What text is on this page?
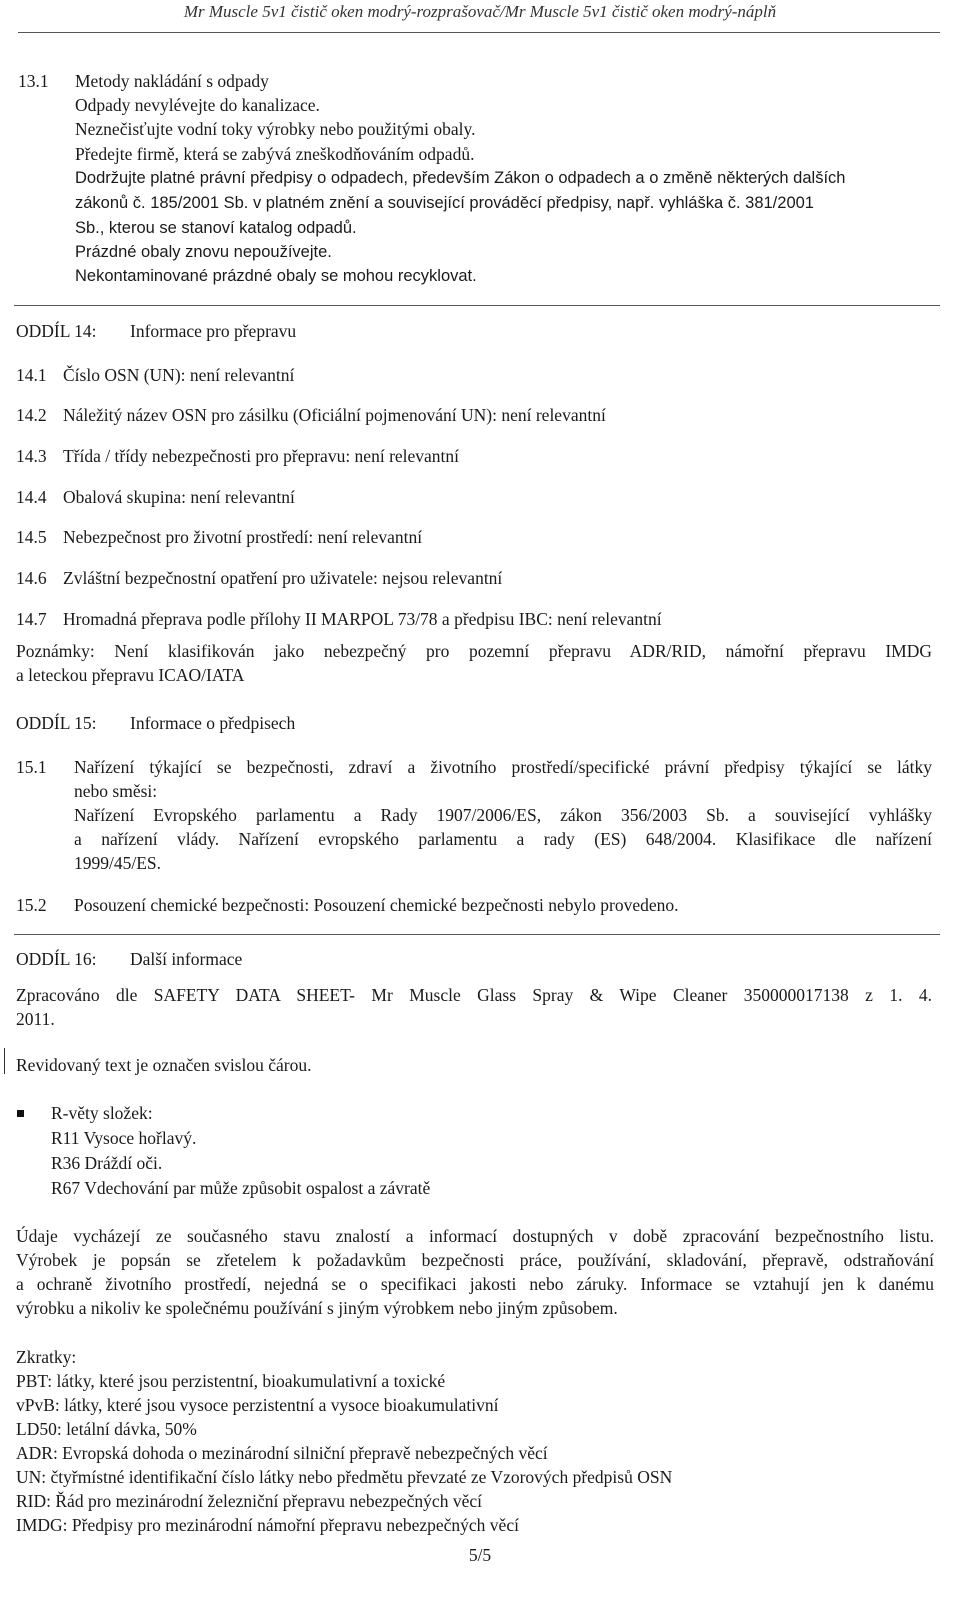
Mr Muscle 5v1 čistič oken modrý-rozprašovač/Mr Muscle 5v1 čistič oken modrý-náplň
13.1 Metody nakládání s odpady
Odpady nevylévejte do kanalizace.
Neznečisťujte vodní toky výrobky nebo použitými obaly.
Předejte firmě, která se zabývá zneškodňováním odpadů.
Dodržujte platné právní předpisy o odpadech, především Zákon o odpadech a o změně některých dalších
zákonů č. 185/2001 Sb. v platném znění a související prováděcí předpisy, např. vyhláška č. 381/2001
Sb., kterou se stanoví katalog odpadů.
Prázdné obaly znovu nepoužívejte.
Nekontaminované prázdné obaly se mohou recyklovat.
ODDÍL 14: Informace pro přepravu
14.1 Číslo OSN (UN): není relevantní
14.2 Náležitý název OSN pro zásilku (Oficiální pojmenování UN): není relevantní
14.3 Třída / třídy nebezpečnosti pro přepravu: není relevantní
14.4 Obalová skupina: není relevantní
14.5 Nebezpečnost pro životní prostředí: není relevantní
14.6 Zvláštní bezpečnostní opatření pro uživatele: nejsou relevantní
14.7 Hromadná přeprava podle přílohy II MARPOL 73/78 a předpisu IBC: není relevantní
Poznámky: Není klasifikován jako nebezpečný pro pozemní přepravu ADR/RID, námořní přepravu IMDG
a leteckou přepravu ICAO/IATA
ODDÍL 15: Informace o předpisech
15.1 Nařízení týkající se bezpečnosti, zdraví a životního prostředí/specifické právní předpisy týkající se látky
nebo směsi:
Nařízení Evropského parlamentu a Rady 1907/2006/ES, zákon 356/2003 Sb. a související vyhlášky
a nařízení vlády. Nařízení evropského parlamentu a rady (ES) 648/2004. Klasifikace dle nařízení
1999/45/ES.
15.2 Posouzení chemické bezpečnosti: Posouzení chemické bezpečnosti nebylo provedeno.
ODDÍL 16: Další informace
Zpracováno dle SAFETY DATA SHEET- Mr Muscle Glass Spray & Wipe Cleaner 350000017138 z 1. 4.
2011.
Revidovaný text je označen svislou čárou.
R-věty složek:
R11 Vysoce hořlavý.
R36 Dráždí oči.
R67 Vdechování par může způsobit ospalost a závratě
Údaje vycházejí ze současného stavu znalostí a informací dostupných v době zpracování bezpečnostního listu.
Výrobek je popsán se zřetelem k požadavkům bezpečnosti práce, používání, skladování, přepravě, odstraňování
a ochraně životního prostředí, nejedná se o specifikaci jakosti nebo záruky. Informace se vztahují jen k danému
výrobku a nikoliv ke společnému používání s jiným výrobkem nebo jiným způsobem.
Zkratky:
PBT: látky, které jsou perzistentní, bioakumulativní a toxické
vPvB: látky, které jsou vysoce perzistentní a vysoce bioakumulativní
LD50: letální dávka, 50%
ADR: Evropská dohoda o mezinárodní silniční přepravě nebezpečných věcí
UN: čtyřmístné identifikační číslo látky nebo předmětu převzaté ze Vzorových předpisů OSN
RID: Řád pro mezinárodní železniční přepravu nebezpečných věcí
IMDG: Předpisy pro mezinárodní námořní přepravu nebezpečných věcí
5/5
